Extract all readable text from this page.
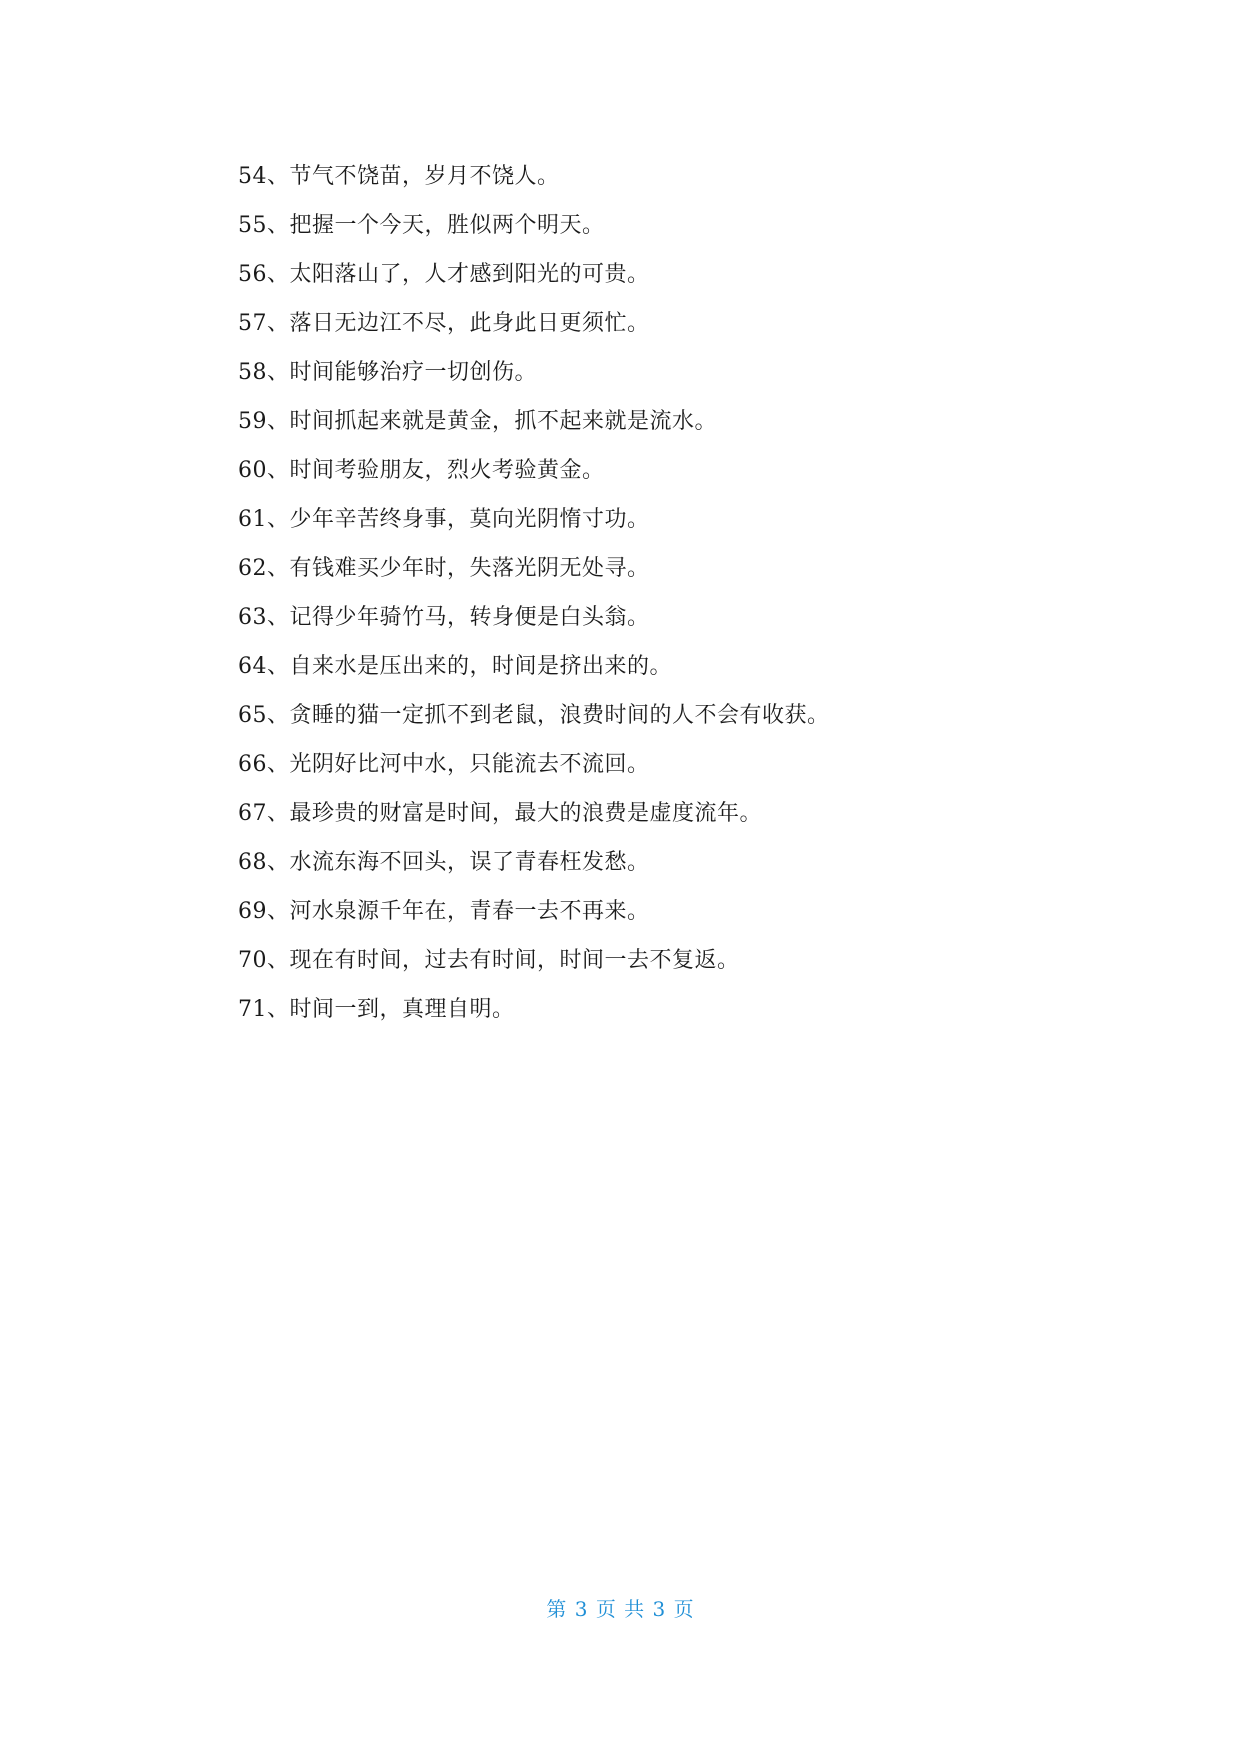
54、节气不饶苗，岁月不饶人。
55、把握一个今天，胜似两个明天。
56、太阳落山了，人才感到阳光的可贵。
57、落日无边江不尽，此身此日更须忙。
58、时间能够治疗一切创伤。
59、时间抓起来就是黄金，抓不起来就是流水。
60、时间考验朋友，烈火考验黄金。
61、少年辛苦终身事，莫向光阴惰寸功。
62、有钱难买少年时，失落光阴无处寻。
63、记得少年骑竹马，转身便是白头翁。
64、自来水是压出来的，时间是挤出来的。
65、贪睡的猫一定抓不到老鼠，浪费时间的人不会有收获。
66、光阴好比河中水，只能流去不流回。
67、最珍贵的财富是时间，最大的浪费是虚度流年。
68、水流东海不回头，误了青春枉发愁。
69、河水泉源千年在，青春一去不再来。
70、现在有时间，过去有时间，时间一去不复返。
71、时间一到，真理自明。
第 3 页 共 3 页
